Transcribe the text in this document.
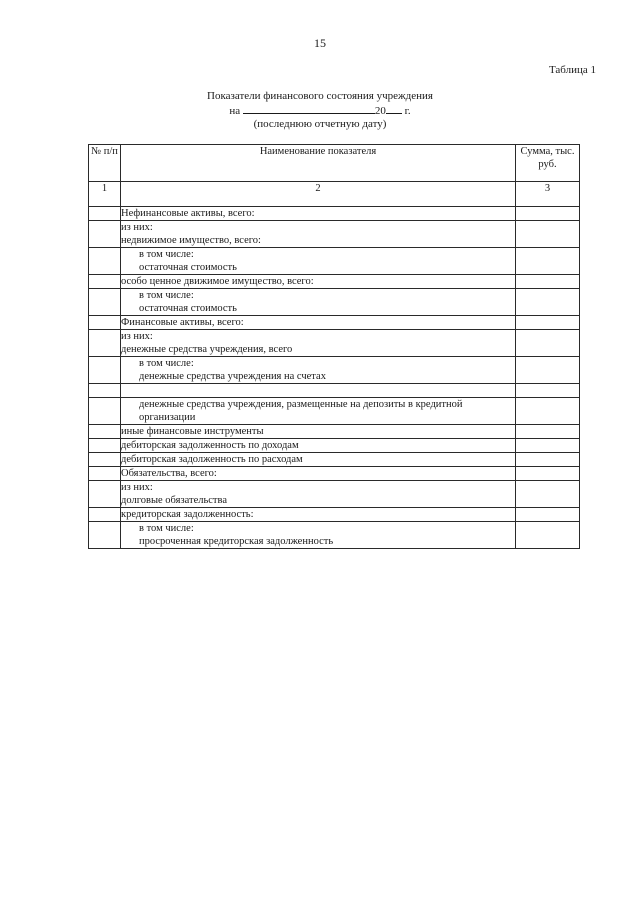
15
Таблица 1
Показатели финансового состояния учреждения
на	20 г.
(последнюю отчетную дату)
№ п/п	Наименование показателя	Сумма, тыс. руб.
1	2	3

	Нефинансовые активы, всего:	

	из них:
недвижимое имущество, всего:	

	в том числе:
остаточная стоимость	

	особо ценное движимое имущество, всего:	

	в том числе:
остаточная стоимость	

	Финансовые активы, всего:	

	из них:
денежные средства учреждения, всего	

	в том числе:
денежные средства учреждения на счетах	

	денежные средства учреждения, размещенные на депозиты в кредитной организации	

	иные финансовые инструменты	

	дебиторская задолженность по доходам	

	дебиторская задолженность по расходам	

	Обязательства, всего:	

	из них:
долговые обязательства	

	кредиторская задолженность:	

	в том числе:
просроченная кредиторская задолженность	
